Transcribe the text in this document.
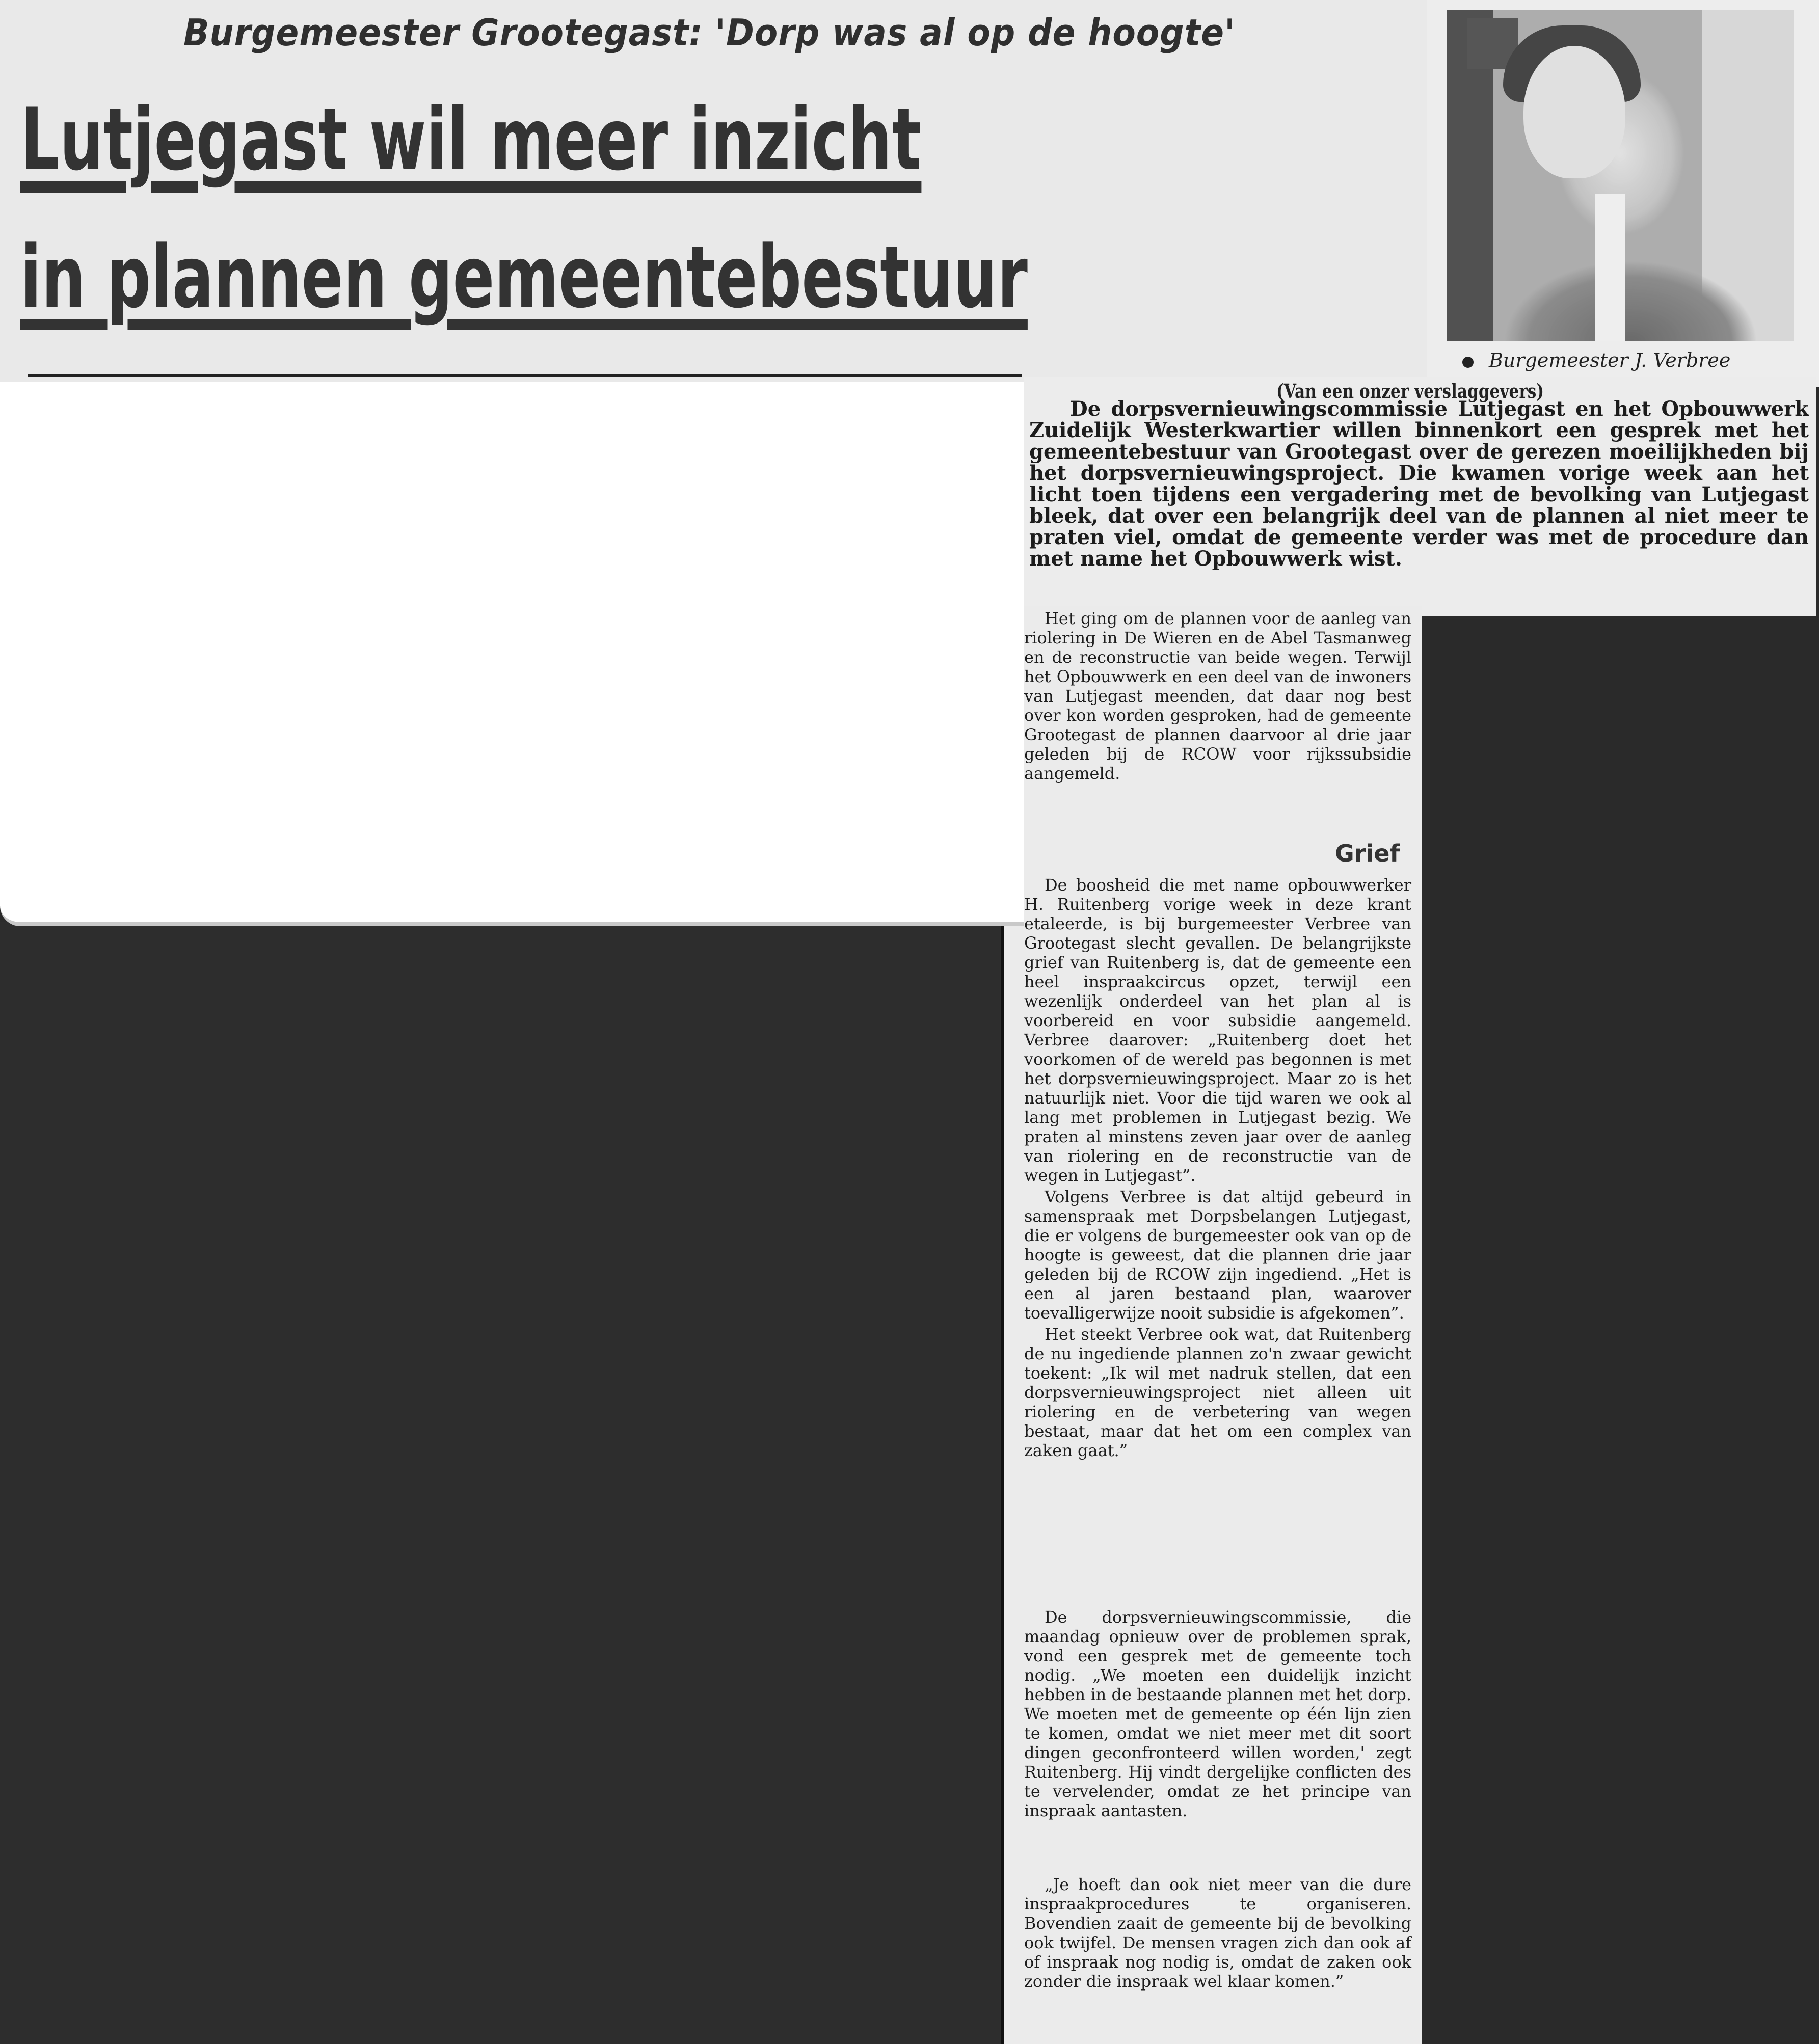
Burgemeester Grootegast: 'Dorp was al op de hoogte'
Lutjegast wil meer inzicht
in plannen gemeentebestuur
Burgemeester J. Verbree
(Van een onzer verslaggevers)
De dorpsvernieuwingscommissie Lutjegast en het Opbouwwerk Zuidelijk Westerkwartier willen binnenkort een gesprek met het gemeentebestuur van Grootegast over de gerezen moeilijkheden bij het dorpsvernieuwingsproject. Die kwamen vorige week aan het licht toen tijdens een vergadering met de bevolking van Lutjegast bleek, dat over een belangrijk deel van de plannen al niet meer te praten viel, omdat de gemeente verder was met de procedure dan met name het Opbouwwerk wist.

Het ging om de plannen voor de aanleg van riolering in De Wieren en de Abel Tasmanweg en de reconstructie van beide wegen. Terwijl het Opbouwwerk en een deel van de inwoners van Lutjegast meenden, dat daar nog best over kon worden gesproken, had de gemeente Grootegast de plannen daarvoor al drie jaar geleden bij de RCOW voor rijkssubsidie aangemeld.

Grief

De boosheid die met name opbouwwerker H. Ruitenberg vorige week in deze krant etaleerde, is bij burgemeester Verbree van Grootegast slecht gevallen. De belangrijkste grief van Ruitenberg is, dat de gemeente een heel inspraakcircus opzet, terwijl een wezenlijk onderdeel van het plan al is voorbereid en voor subsidie aangemeld. Verbree daarover: „Ruitenberg doet het voorkomen of de wereld pas begonnen is met het dorpsvernieuwingsproject. Maar zo is het natuurlijk niet. Voor die tijd waren we ook al lang met problemen in Lutjegast bezig. We praten al minstens zeven jaar over de aanleg van riolering en de reconstructie van de wegen in Lutjegast”.

Volgens Verbree is dat altijd gebeurd in samenspraak met Dorpsbelangen Lutjegast, die er volgens de burgemeester ook van op de hoogte is geweest, dat die plannen drie jaar geleden bij de RCOW zijn ingediend. „Het is een al jaren bestaand plan, waarover toevalligerwijze nooit subsidie is afgekomen”.

Het steekt Verbree ook wat, dat Ruitenberg de nu ingediende plannen zo'n zwaar gewicht toekent: „Ik wil met nadruk stellen, dat een dorpsvernieuwingsproject niet alleen uit riolering en de verbetering van wegen bestaat, maar dat het om een complex van zaken gaat.”

De dorpsvernieuwingscommissie, die maandag opnieuw over de problemen sprak, vond een gesprek met de gemeente toch nodig. „We moeten een duidelijk inzicht hebben in de bestaande plannen met het dorp. We moeten met de gemeente op één lijn zien te komen, omdat we niet meer met dit soort dingen geconfronteerd willen worden,' zegt Ruitenberg. Hij vindt dergelijke conflicten des te vervelender, omdat ze het principe van inspraak aantasten.

„Je hoeft dan ook niet meer van die dure inspraakprocedures te organiseren. Bovendien zaait de gemeente bij de bevolking ook twijfel. De mensen vragen zich dan ook af of inspraak nog nodig is, omdat de zaken ook zonder die inspraak wel klaar komen.”
